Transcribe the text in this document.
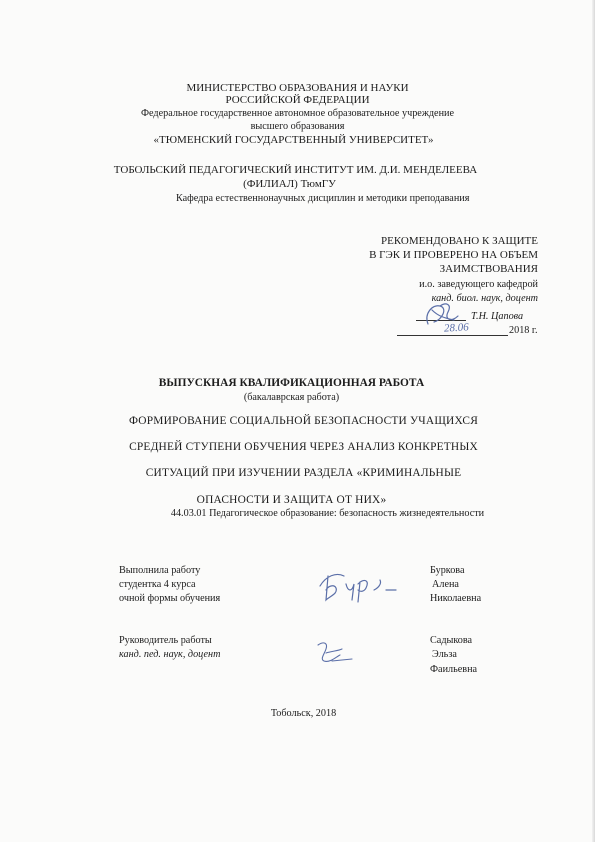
МИНИСТЕРСТВО ОБРАЗОВАНИЯ И НАУКИ
РОССИЙСКОЙ ФЕДЕРАЦИИ
Федеральное государственное автономное образовательное учреждение
высшего образования
«ТЮМЕНСКИЙ ГОСУДАРСТВЕННЫЙ УНИВЕРСИТЕТ»
ТОБОЛЬСКИЙ ПЕДАГОГИЧЕСКИЙ ИНСТИТУТ ИМ. Д.И. МЕНДЕЛЕЕВА
(ФИЛИАЛ) ТюмГУ
Кафедра естественнонаучных дисциплин и методики преподавания
РЕКОМЕНДОВАНО К ЗАЩИТЕ
В ГЭК И ПРОВЕРЕНО НА ОБЪЕМ
ЗАИМСТВОВАНИЯ
и.о. заведующего кафедрой
канд. биол. наук, доцент
Т.Н. Цапова
28.06	2018 г.
ВЫПУСКНАЯ КВАЛИФИКАЦИОННАЯ РАБОТА
(бакалаврская работа)
ФОРМИРОВАНИЕ СОЦИАЛЬНОЙ БЕЗОПАСНОСТИ УЧАЩИХСЯ
СРЕДНЕЙ СТУПЕНИ ОБУЧЕНИЯ ЧЕРЕЗ АНАЛИЗ КОНКРЕТНЫХ
СИТУАЦИЙ ПРИ ИЗУЧЕНИИ РАЗДЕЛА «КРИМИНАЛЬНЫЕ
ОПАСНОСТИ И ЗАЩИТА ОТ НИХ»
44.03.01 Педагогическое образование: безопасность жизнедеятельности
Выполнила работу
студентка 4 курса
очной формы обучения
Буркова
Алена
Николаевна
Руководитель работы
канд. пед. наук, доцент
Садыкова
Эльза
Фаильевна
Тобольск, 2018
